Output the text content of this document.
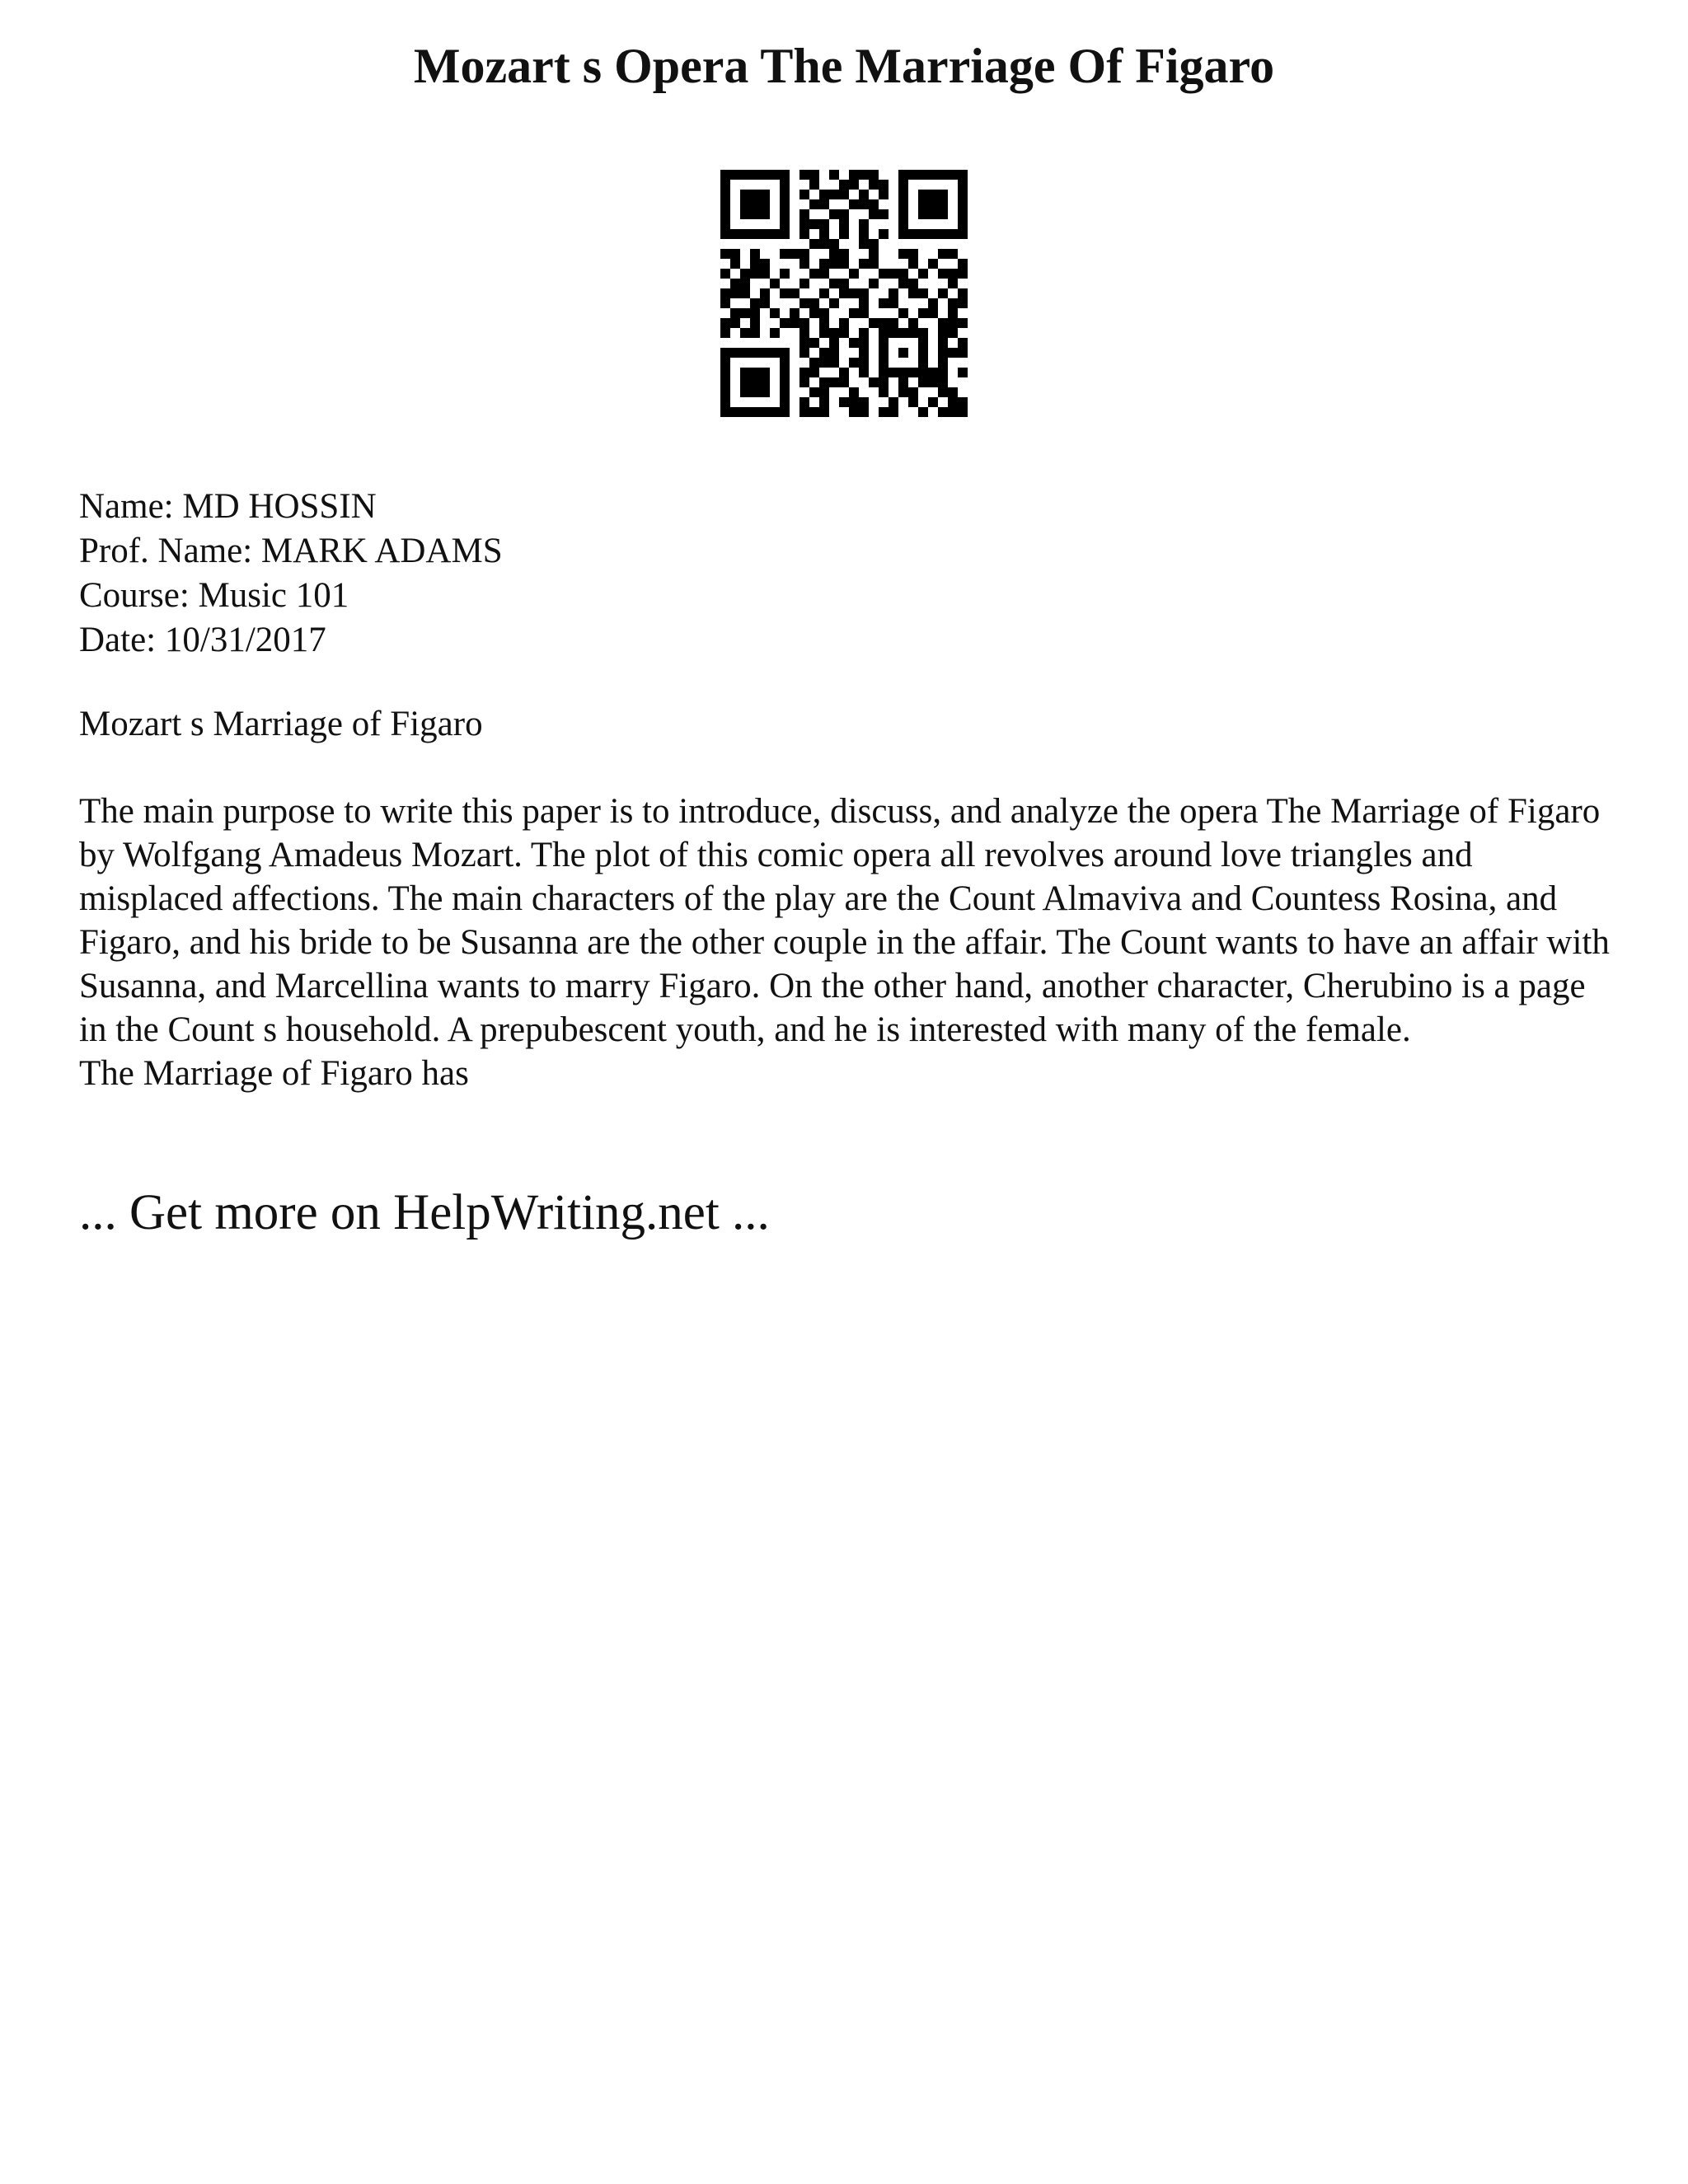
Mozart s Opera The Marriage Of Figaro
Name: MD HOSSIN
Prof. Name: MARK ADAMS
Course: Music 101
Date: 10/31/2017
Mozart s Marriage of Figaro

The main purpose to write this paper is to introduce, discuss, and analyze the opera The Marriage of Figaro by Wolfgang Amadeus Mozart. The plot of this comic opera all revolves around love triangles and misplaced affections. The main characters of the play are the Count Almaviva and Countess Rosina, and Figaro, and his bride to be Susanna are the other couple in the affair. The Count wants to have an affair with Susanna, and Marcellina wants to marry Figaro. On the other hand, another character, Cherubino is a page in the Count s household. A prepubescent youth, and he is interested with many of the female.

The Marriage of Figaro has

... Get more on HelpWriting.net ...
